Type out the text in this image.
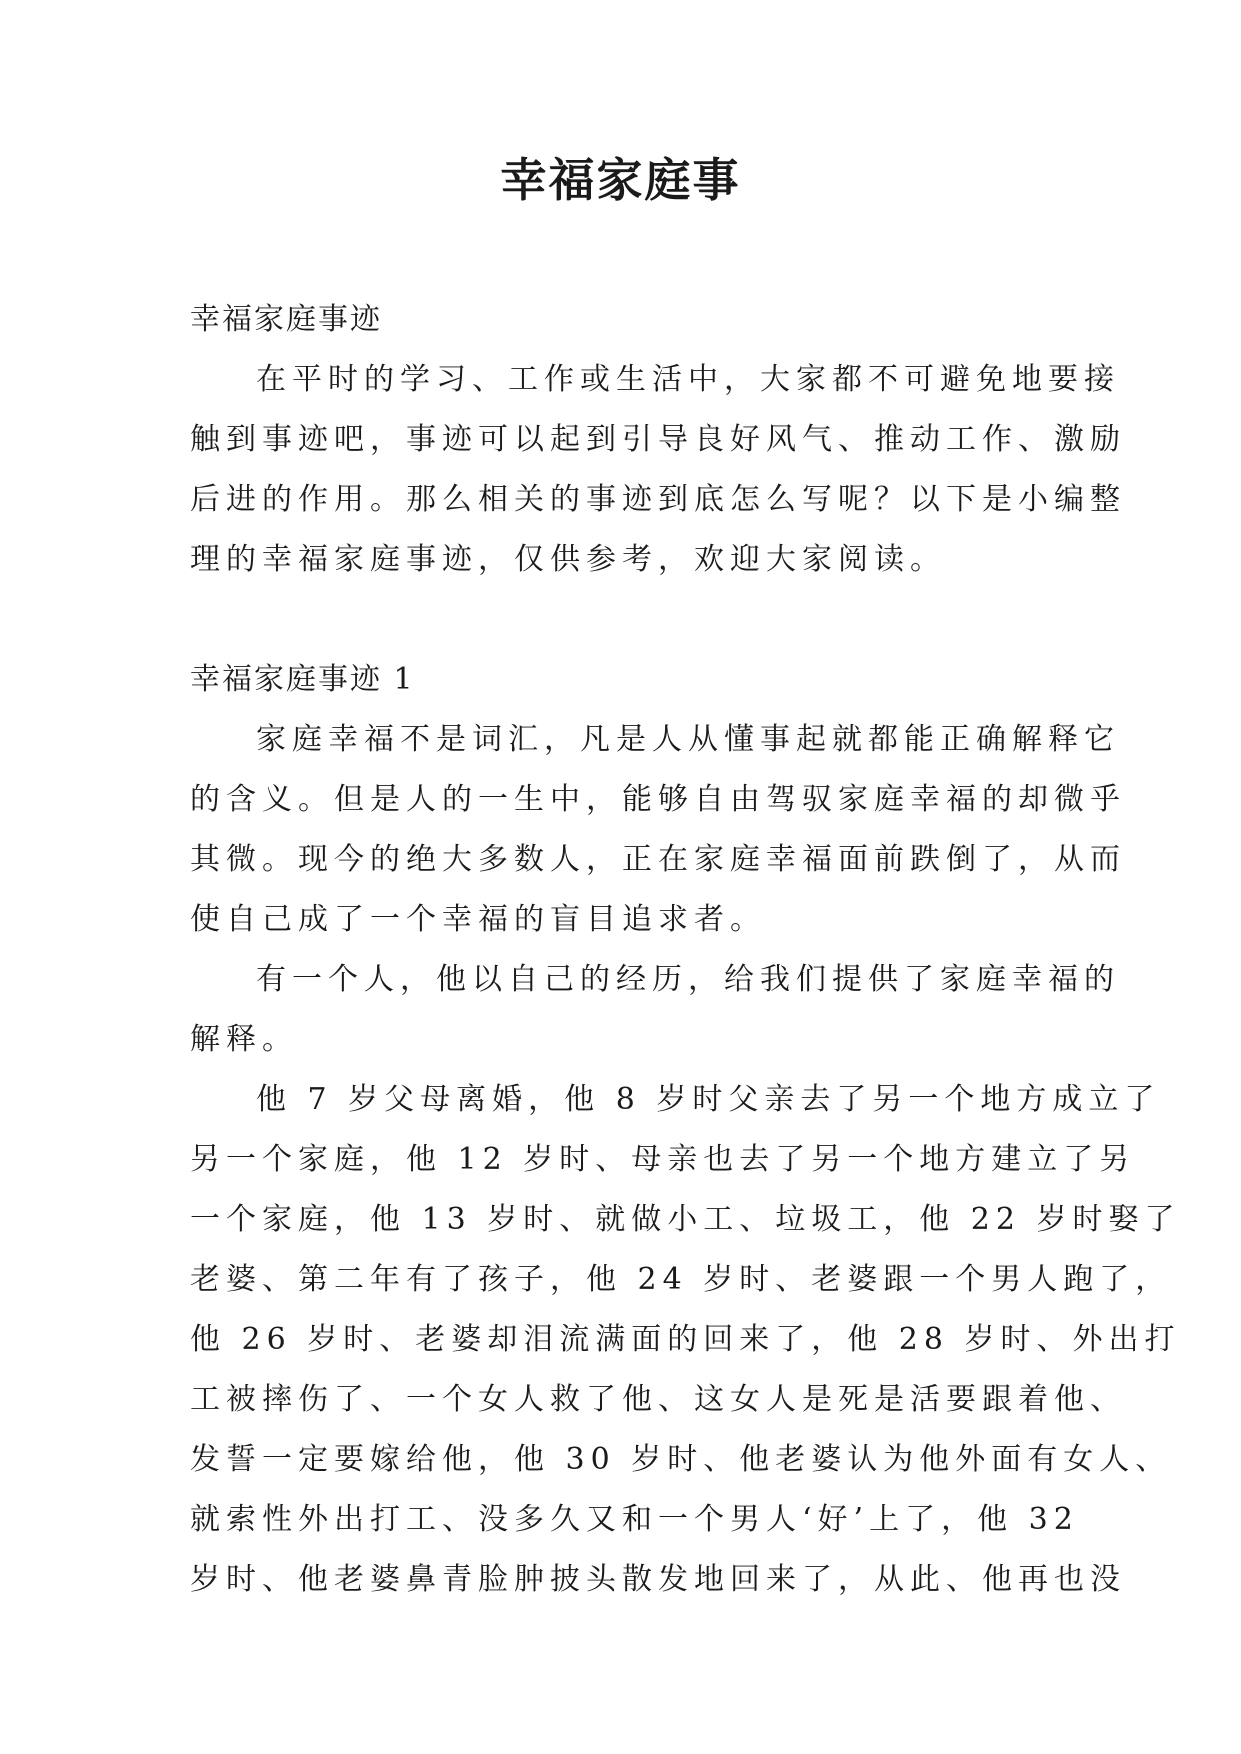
幸福家庭事
幸福家庭事迹
在平时的学习、工作或生活中，大家都不可避免地要接
触到事迹吧，事迹可以起到引导良好风气、推动工作、激励
后进的作用。那么相关的事迹到底怎么写呢？以下是小编整
理的幸福家庭事迹，仅供参考，欢迎大家阅读。
幸福家庭事迹 1
家庭幸福不是词汇，凡是人从懂事起就都能正确解释它
的含义。但是人的一生中，能够自由驾驭家庭幸福的却微乎
其微。现今的绝大多数人，正在家庭幸福面前跌倒了，从而
使自己成了一个幸福的盲目追求者。
有一个人，他以自己的经历，给我们提供了家庭幸福的
解释。
他 7 岁父母离婚，他 8 岁时父亲去了另一个地方成立了
另一个家庭，他 12 岁时、母亲也去了另一个地方建立了另
一个家庭，他 13 岁时、就做小工、垃圾工，他 22 岁时娶了
老婆、第二年有了孩子，他 24 岁时、老婆跟一个男人跑了，
他 26 岁时、老婆却泪流满面的回来了，他 28 岁时、外出打
工被摔伤了、一个女人救了他、这女人是死是活要跟着他、
发誓一定要嫁给他，他 30 岁时、他老婆认为他外面有女人、
就索性外出打工、没多久又和一个男人‘好’上了，他 32
岁时、他老婆鼻青脸肿披头散发地回来了，从此、他再也没
